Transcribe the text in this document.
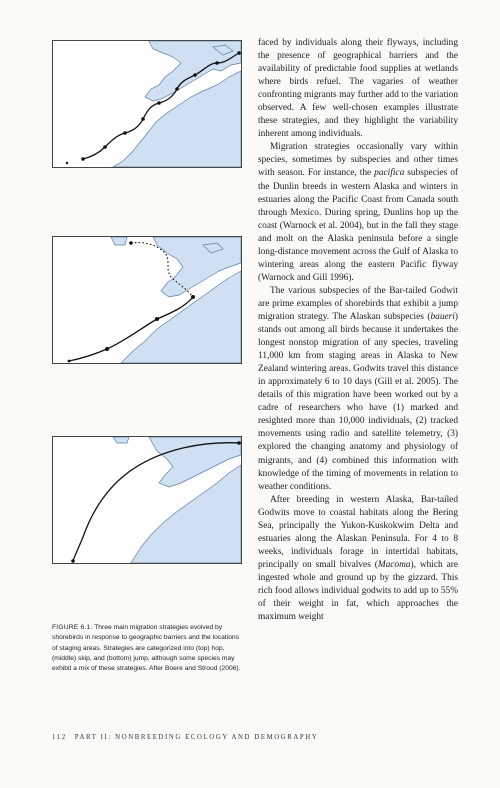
FIGURE 6.1. Three main migration strategies evolved by shorebirds in response to geographic barriers and the locations of staging areas. Strategies are categorized into (top) hop, (middle) skip, and (bottom) jump, although some species may exhibit a mix of these strategies. After Boere and Stroud (2006).

faced by individuals along their flyways, including the presence of geographical barriers and the availability of predictable food supplies at wetlands where birds refuel. The vagaries of weather confronting migrants may further add to the variation observed. A few well-chosen examples illustrate these strategies, and they highlight the variability inherent among individuals.

Migration strategies occasionally vary within species, sometimes by subspecies and other times with season. For instance, the pacifica subspecies of the Dunlin breeds in western Alaska and winters in estuaries along the Pacific Coast from Canada south through Mexico. During spring, Dunlins hop up the coast (Warnock et al. 2004), but in the fall they stage and molt on the Alaska peninsula before a single long-distance movement across the Gulf of Alaska to wintering areas along the eastern Pacific flyway (Warnock and Gill 1996).

The various subspecies of the Bar-tailed Godwit are prime examples of shorebirds that exhibit a jump migration strategy. The Alaskan subspecies (baueri) stands out among all birds because it undertakes the longest nonstop migration of any species, traveling 11,000 km from staging areas in Alaska to New Zealand wintering areas. Godwits travel this distance in approximately 6 to 10 days (Gill et al. 2005). The details of this migration have been worked out by a cadre of researchers who have (1) marked and resighted more than 10,000 individuals, (2) tracked movements using radio and satellite telemetry, (3) explored the changing anatomy and physiology of migrants, and (4) combined this information with knowledge of the timing of movements in relation to weather conditions.

After breeding in western Alaska, Bar-tailed Godwits move to coastal habitats along the Bering Sea, principally the Yukon-Kuskokwim Delta and estuaries along the Alaskan Peninsula. For 4 to 8 weeks, individuals forage in intertidal habitats, principally on small bivalves (Macoma), which are ingested whole and ground up by the gizzard. This rich food allows individual godwits to add up to 55% of their weight in fat, which approaches the maximum weight

112 PART II: NONBREEDING ECOLOGY AND DEMOGRAPHY
